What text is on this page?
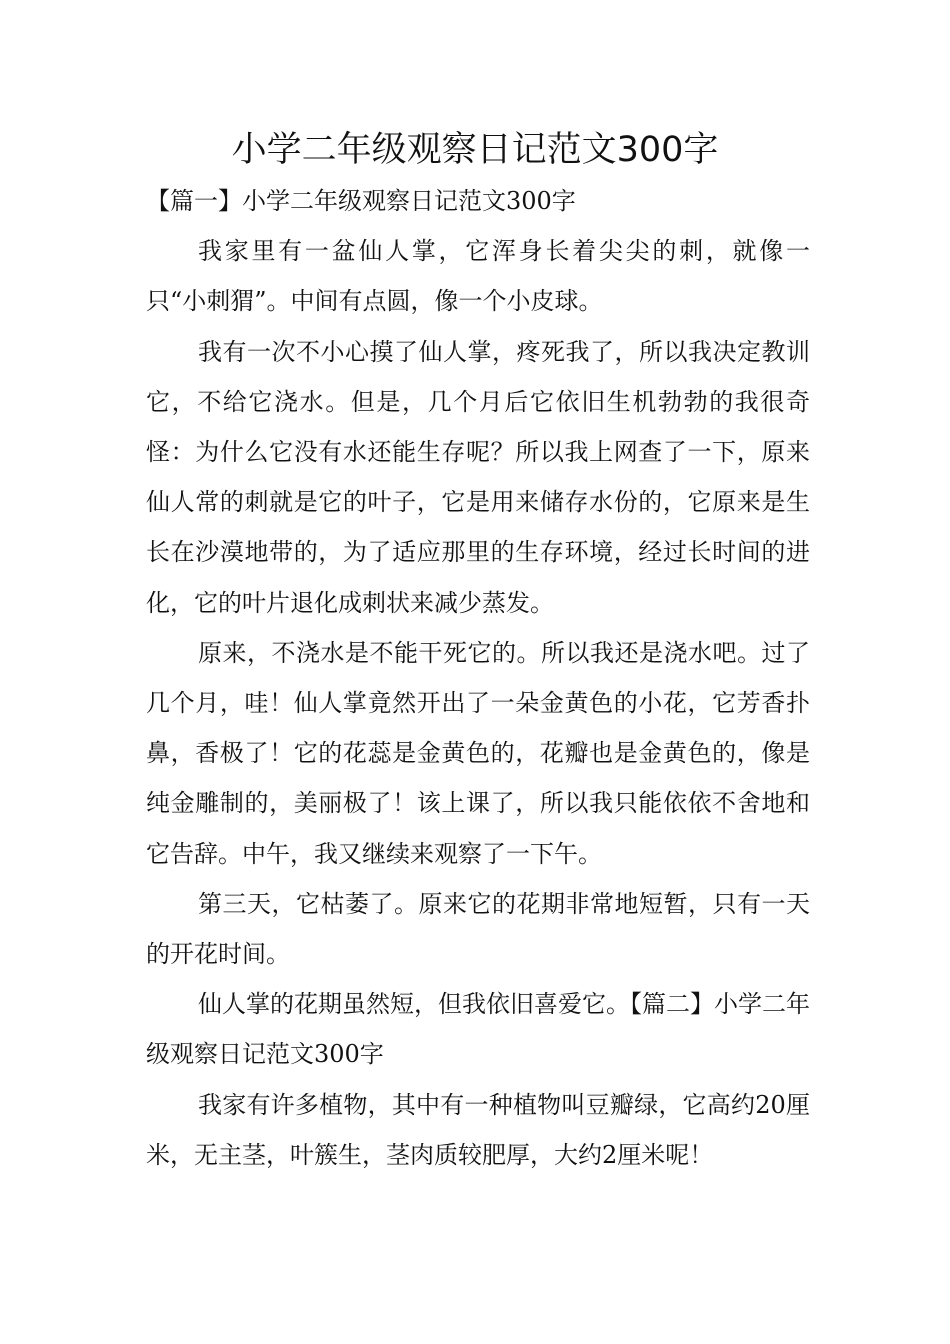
小学二年级观察日记范文300字

【篇一】小学二年级观察日记范文300字

我家里有一盆仙人掌，它浑身长着尖尖的刺，就像一只“小刺猬”。中间有点圆，像一个小皮球。

我有一次不小心摸了仙人掌，疼死我了，所以我决定教训它，不给它浇水。但是，几个月后它依旧生机勃勃的我很奇怪：为什么它没有水还能生存呢？所以我上网查了一下，原来仙人常的刺就是它的叶子，它是用来储存水份的，它原来是生长在沙漠地带的，为了适应那里的生存环境，经过长时间的进化，它的叶片退化成刺状来减少蒸发。

原来，不浇水是不能干死它的。所以我还是浇水吧。过了几个月，哇！仙人掌竟然开出了一朵金黄色的小花，它芳香扑鼻，香极了！它的花蕊是金黄色的，花瓣也是金黄色的，像是纯金雕制的，美丽极了！该上课了，所以我只能依依不舍地和它告辞。中午，我又继续来观察了一下午。

第三天，它枯萎了。原来它的花期非常地短暂，只有一天的开花时间。

仙人掌的花期虽然短，但我依旧喜爱它。【篇二】小学二年级观察日记范文300字

我家有许多植物，其中有一种植物叫豆瓣绿，它高约20厘米，无主茎，叶簇生，茎肉质较肥厚，大约2厘米呢！
